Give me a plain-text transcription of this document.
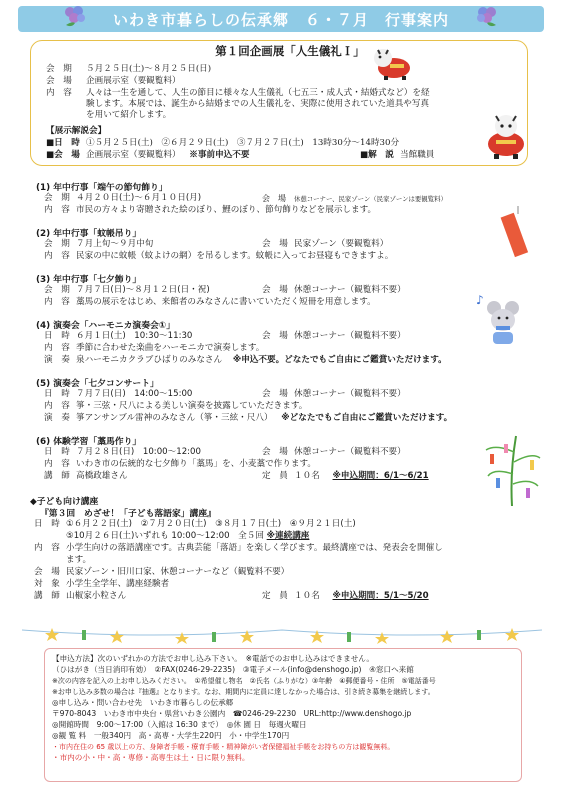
いわき市暮らしの伝承郷　６・７月　行事案内
第１回企画展「人生儀礼Ｉ」
会　期 ５月２５日(土)～８月２５日(日)
会　場 企画展示室（要観覧料）
内　容 人々は一生を通して、人生の節目に様々な人生儀礼（七五三・成人式・結婚式など）を経
験します。本展では、誕生から結婚までの人生儀礼を、実際に使用されていた道具や写真
を用いて紹介します。
【展示解説会】
■日　時 ①５月２５日(土)　②６月２９日(土)　③７月２７日(土)　13時30分～14時30分
■会　場 企画展示室（要観覧料） ※事前申込不要	■解　説 当館職員
(1) 年中行事「端午の節句飾り」
会　期 ４月２０日(土)～６月１０日(月)	会　場 休憩コーナー、民家ゾーン（民家ゾーンは要観覧料）
内　容 市民の方々より寄贈された絵のぼり、鯉のぼり、節句飾りなどを展示します。
(2) 年中行事「蚊帳吊り」
会　期 ７月上旬～９月中旬	会　場 民家ゾーン（要観覧料）
内　容 民家の中に蚊帳（蚊よけの網）を吊るします。蚊帳に入ってお昼寝もできますよ。
(3) 年中行事「七夕飾り」
会　期 ７月７日(日)～８月１２日(日・祝)	会　場 休憩コーナー（観覧料不要）
内　容 藁馬の展示をはじめ、来館者のみなさんに書いていただく短冊を用意します。	♪
(4) 演奏会「ハーモニカ演奏会①」
日　時 ６月１日(土)　10:30～11:30	会　場 休憩コーナー（観覧料不要）
内　容 季節に合わせた楽曲をハーモニカで演奏します。
演　奏 泉ハーモニカクラブひばりのみなさん ※申込不要。どなたでもご自由にご鑑賞いただけます。
(5) 演奏会「七夕コンサート」
日　時 ７月７日(日)　14:00～15:00	会　場 休憩コーナー（観覧料不要）
内　容 箏・三弦・尺八による美しい演奏を披露していただきます。
演　奏 箏アンサンブル雷神のみなさん（箏・三絃・尺八） ※どなたでもご自由にご鑑賞いただけます。
(6) 体験学習「藁馬作り」
日　時 ７月２８日(日)　10:00～12:00	会　場 休憩コーナー（観覧料不要）
内　容 いわき市の伝統的な七夕飾り「藁馬」を、小麦藁で作ります。
講　師 高橋政雄さん	定　員 １０名 ※申込期間：6/1～6/21
◆子ども向け講座
『第３回　めざせ！「子ども落語家」講座』
日　時 ①６月２２日(土)　②７月２０日(土)　③８月１７日(土)　④９月２１日(土)
⑤10月２６日(土)いずれも 10:00～12:00　全５回 ※連続講座
内　容 小学生向けの落語講座です。古典芸能「落語」を楽しく学びます。最終講座では、発表会を開催し
ます。
会　場 民家ゾーン・旧川口家、休憩コーナーなど（観覧料不要）
対　象 小学生全学年、講座経験者
講　師 山椒家小粒さん	定　員 １０名 ※申込期間：5/1～5/20
【申込方法】次のいずれかの方法でお申し込み下さい。　※電話でのお申し込みはできません。
（ひはがき（当日消印有効）　②FAX(0246-29-2235)　③電子メール(info@denshogo.jp)　④窓口へ来館
※次の内容を記入の上お申し込みください。　①希望催し物名　②氏名（ふりがな）③年齢　④郵便番号・住所　⑤電話番号
※お申し込み多数の場合は『抽選』となります。なお、期間内に定員に達しなかった場合は、引き続き募集を継続します。
◎申し込み・問い合わせ先　いわき市暮らしの伝承郷
〒970-8043　いわき市中央台・県営いわき公園内　☎0246-29-2230　URL:http://www.denshogo.jp
◎開館時間　9:00～17:00（入館は 16:30 まで）　◎休 園 日　毎週火曜日
◎観 覧 料　一般340円　高・高専・大学生220円　小・中学生170円
・市内在住の 65 歳以上の方、身障者手帳・療育手帳・精神障がい者保健福祉手帳をお持ちの方は観覧無料。
・市内の小・中・高・専修・高専生は土・日に限り無料。
